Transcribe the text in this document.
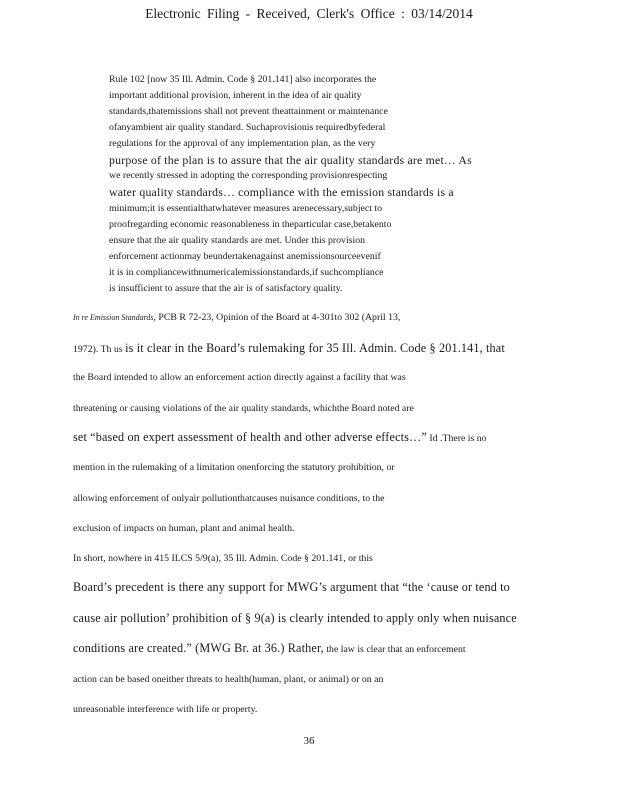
Electronic Filing - Received, Clerk's Office : 03/14/2014
Rule 102 [now 35 Ill. Admin. Code § 201.141] also incorporates the
important additional provision, inherent in the idea of air quality
standards,thatemissions shall not prevent theattainment or maintenance
ofanyambient air quality standard. Suchaprovisionis requiredbyfederal
regulations for the approval of any implementation plan, as the very
purpose of the plan is to assure that the air quality standards are met… As
we recently stressed in adopting the corresponding provisionrespecting
water quality standards… compliance with the emission standards is a
minimum;it is essentialthatwhatever measures arenecessary,subject to
proofregarding economic reasonableness in theparticular case,betakento
ensure that the air quality standards are met. Under this provision
enforcement actionmay beundertakenagainst anemissionsourceevenif
it is in compliancewithnumericalemissionstandards,if suchcompliance
is insufficient to assure that the air is of satisfactory quality.
In re Emission Standards, PCB R 72-23, Opinion of the Board at 4-301to 302 (April 13,
1972). Th us is it clear in the Board’s rulemaking for 35 Ill. Admin. Code § 201.141, that
the Board intended to allow an enforcement action directly against a facility that was
threatening or causing violations of the air quality standards, whichthe Board noted are
set “based on expert assessment of health and other adverse effects…” Id .There is no
mention in the rulemaking of a limitation onenforcing the statutory prohibition, or
allowing enforcement of onlyair pollutionthatcauses nuisance conditions, to the
exclusion of impacts on human, plant and animal health.
In short, nowhere in 415 ILCS 5/9(a), 35 Ill. Admin. Code § 201.141, or this
Board’s precedent is there any support for MWG’s argument that “the ‘cause or tend to
cause air pollution’ prohibition of § 9(a) is clearly intended to apply only when nuisance
conditions are created.” (MWG Br. at 36.) Rather, the law is clear that an enforcement
action can be based oneither threats to health(human, plant, or animal) or on an
unreasonable interference with life or property.
36
